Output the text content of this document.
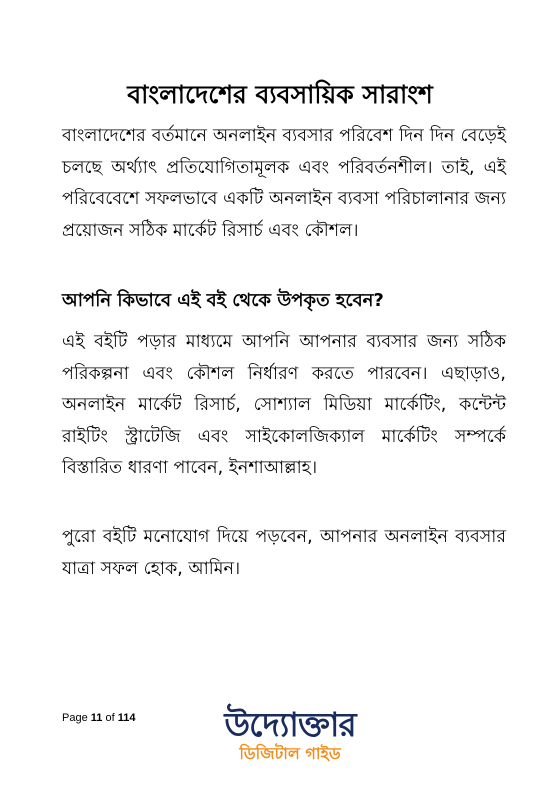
বাংলাদেশের ব্যবসায়িক সারাংশ
বাংলাদেশের বর্তমানে অনলাইন ব্যবসার পরিবেশ দিন দিন বেড়েই চলছে অর্থ্যাৎ প্রতিযোগিতামূলক এবং পরিবর্তনশীল। তাই, এই পরিবেবেশে সফলভাবে একটি অনলাইন ব্যবসা পরিচালানার জন্য প্রয়োজন সঠিক মার্কেট রিসার্চ এবং কৌশল।
আপনি কিভাবে এই বই থেকে উপকৃত হবেন?
এই বইটি পড়ার মাধ্যমে আপনি আপনার ব্যবসার জন্য সঠিক পরিকল্পনা এবং কৌশল নির্ধারণ করতে পারবেন। এছাড়াও, অনলাইন মার্কেট রিসার্চ, সোশ্যাল মিডিয়া মার্কেটিং, কন্টেন্ট রাইটিং স্ট্রাটেজি এবং সাইকোলজিক্যাল মার্কেটিং সম্পর্কে বিস্তারিত ধারণা পাবেন, ইনশাআল্লাহ।
পুরো বইটি মনোযোগ দিয়ে পড়বেন, আপনার অনলাইন ব্যবসার যাত্রা সফল হোক, আমিন।
Page 11 of 114	উদ্যোক্তার
ডিজিটাল গাইড
